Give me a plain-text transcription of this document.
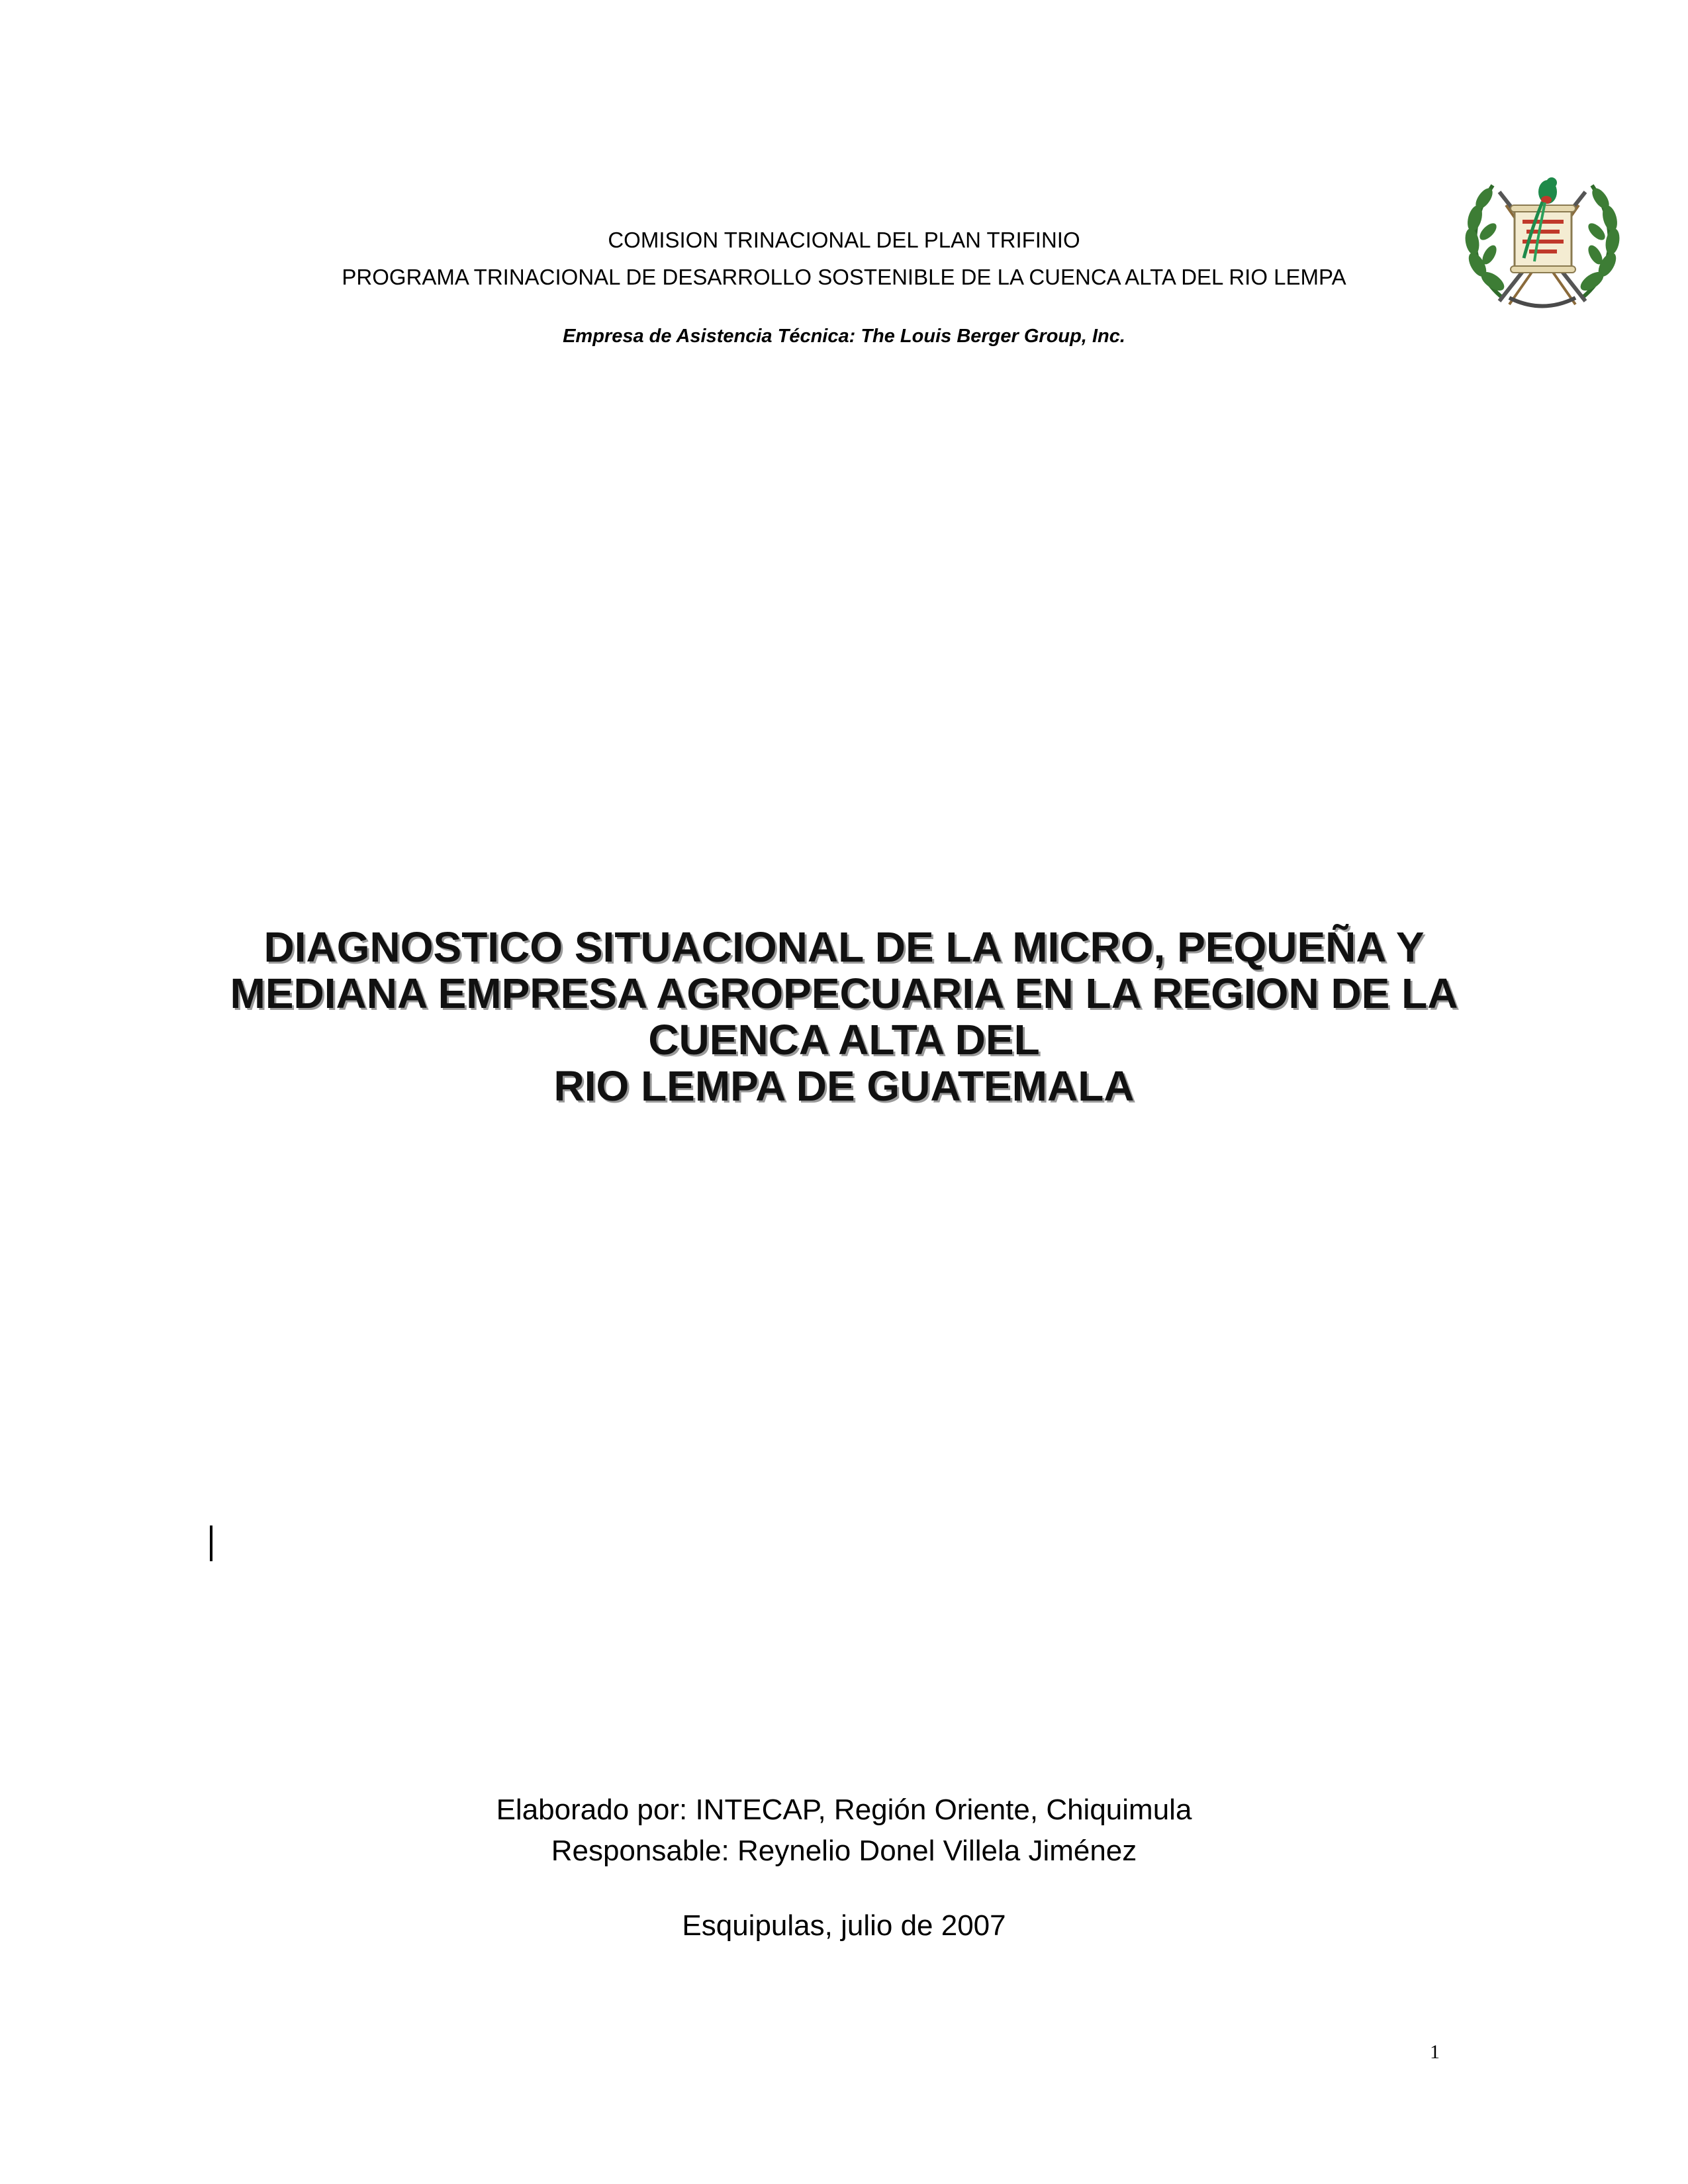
COMISION TRINACIONAL DEL PLAN TRIFINIO
PROGRAMA TRINACIONAL DE DESARROLLO SOSTENIBLE DE LA CUENCA ALTA DEL RIO LEMPA
Empresa de Asistencia Técnica: The Louis Berger Group, Inc.
DIAGNOSTICO SITUACIONAL DE LA MICRO, PEQUEÑA Y
MEDIANA EMPRESA AGROPECUARIA EN LA REGION DE LA
CUENCA ALTA DEL
RIO LEMPA DE GUATEMALA
Elaborado por: INTECAP, Región Oriente, Chiquimula
Responsable: Reynelio Donel Villela Jiménez
Esquipulas, julio de 2007
1
